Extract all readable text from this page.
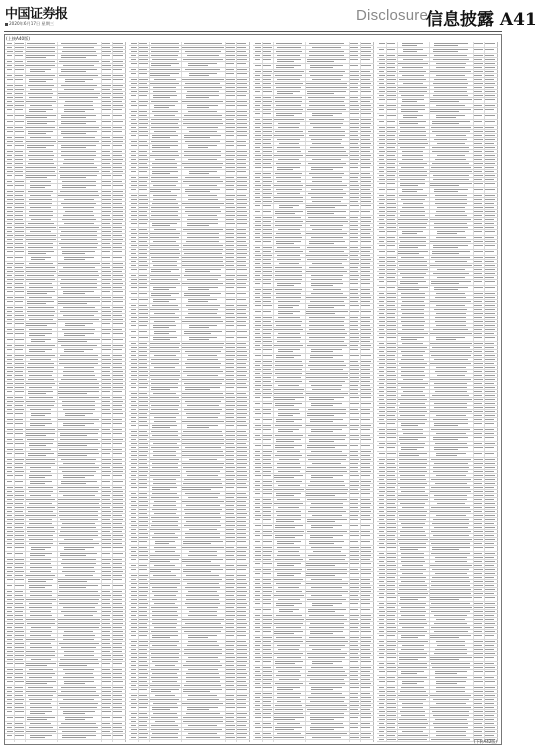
中国证券报
2020年6月17日 星期三	Disclosure
信息披露 A41
(上接A40版)
(下转A42版)
